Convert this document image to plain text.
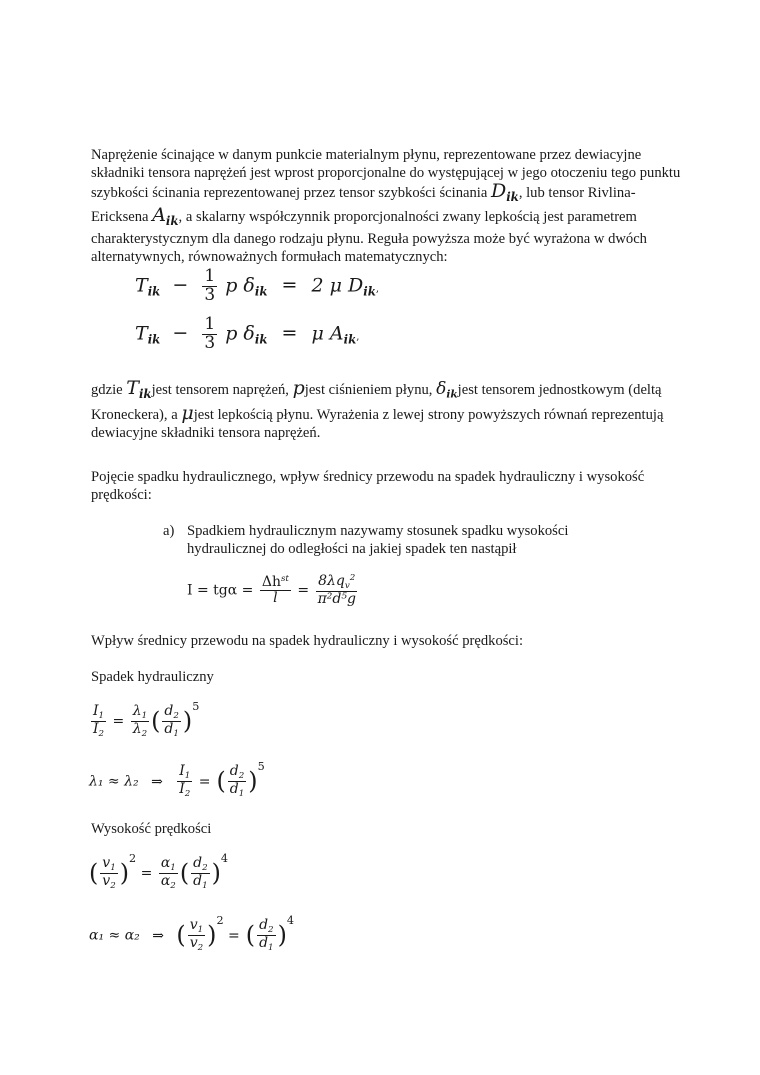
Naprężenie ścinające w danym punkcie materialnym płynu, reprezentowane przez dewiacyjne składniki tensora naprężeń jest wprost proporcjonalne do występującej w jego otoczeniu tego punktu szybkości ścinania reprezentowanej przez tensor szybkości ścinania $D_{ik}$, lub tensor Rivlina-Ericksena $A_{ik}$, a skalarny współczynnik proporcjonalności zwany lepkością jest parametrem charakterystycznym dla danego rodzaju płynu. Reguła powyższa może być wyrażona w dwóch alternatywnych, równoważnych formułach matematycznych:
$T_{ik} - \frac{1}{3}$ p $\delta_{ik} = 2$ μ $D_{ik}$,
$T_{ik} - \frac{1}{3}$ p $\delta_{ik} = \mu$ $A_{ik}$,
gdzie $T_{ik}jest$ tensorem naprężeń, pjest ciśnieniem płynu, $\delta_{ik}jest$ tensorem jednostkowym (deltą Kroneckera), a μjest lepkością płynu. Wyrażenia z lewej strony powyższych równań reprezentują dewiacyjne składniki tensora naprężeń.
Pojęcie spadku hydraulicznego, wpływ średnicy przewodu na spadek hydrauliczny i wysokość prędkości:
a) Spadkiem hydraulicznym nazywamy stosunek spadku wysokości hydraulicznej do odległości na jakiej spadek ten nastąpił
$I = tg\alpha = \frac{\Delta h^{st}}{l} = \frac{8\lambda q_v^2}{\text{π²d⁵g}}$
Wpływ średnicy przewodu na spadek hydrauliczny i wysokość prędkości:
Spadek hydrauliczny
$\frac{I_1}{I_2} = \frac{\lambda_1}{\lambda_2}$ ( $\frac{d_2}{d_1} )^5$
λ₁ ≈ λ₂ ⇒ $\frac{I_1}{I_2}$ = ( $\frac{d_2}{d_1} )^5$
Wysokość prędkości
( $\frac{v_1}{v_2} )^2 = \frac{\alpha_1}{\alpha_2}$ ( $\frac{d_2}{d_1} )^4$
α₁ ≈ α₂ ⇒ ( $\frac{v_1}{v_2} )^2$ = ( $\frac{d_2}{d_1} )^4$
